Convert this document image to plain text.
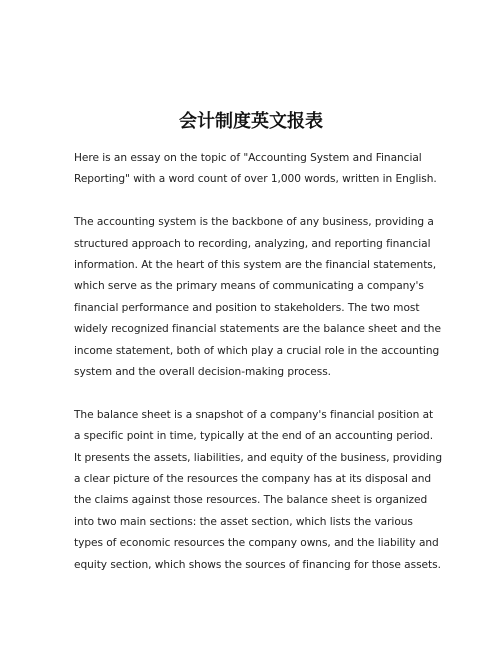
会计制度英文报表

Here is an essay on the topic of "Accounting System and Financial
Reporting" with a word count of over 1,000 words, written in English.

The accounting system is the backbone of any business, providing a
structured approach to recording, analyzing, and reporting financial
information. At the heart of this system are the financial statements,
which serve as the primary means of communicating a company's
financial performance and position to stakeholders. The two most
widely recognized financial statements are the balance sheet and the
income statement, both of which play a crucial role in the accounting
system and the overall decision-making process.

The balance sheet is a snapshot of a company's financial position at
a specific point in time, typically at the end of an accounting period.
It presents the assets, liabilities, and equity of the business, providing
a clear picture of the resources the company has at its disposal and
the claims against those resources. The balance sheet is organized
into two main sections: the asset section, which lists the various
types of economic resources the company owns, and the liability and
equity section, which shows the sources of financing for those assets.
